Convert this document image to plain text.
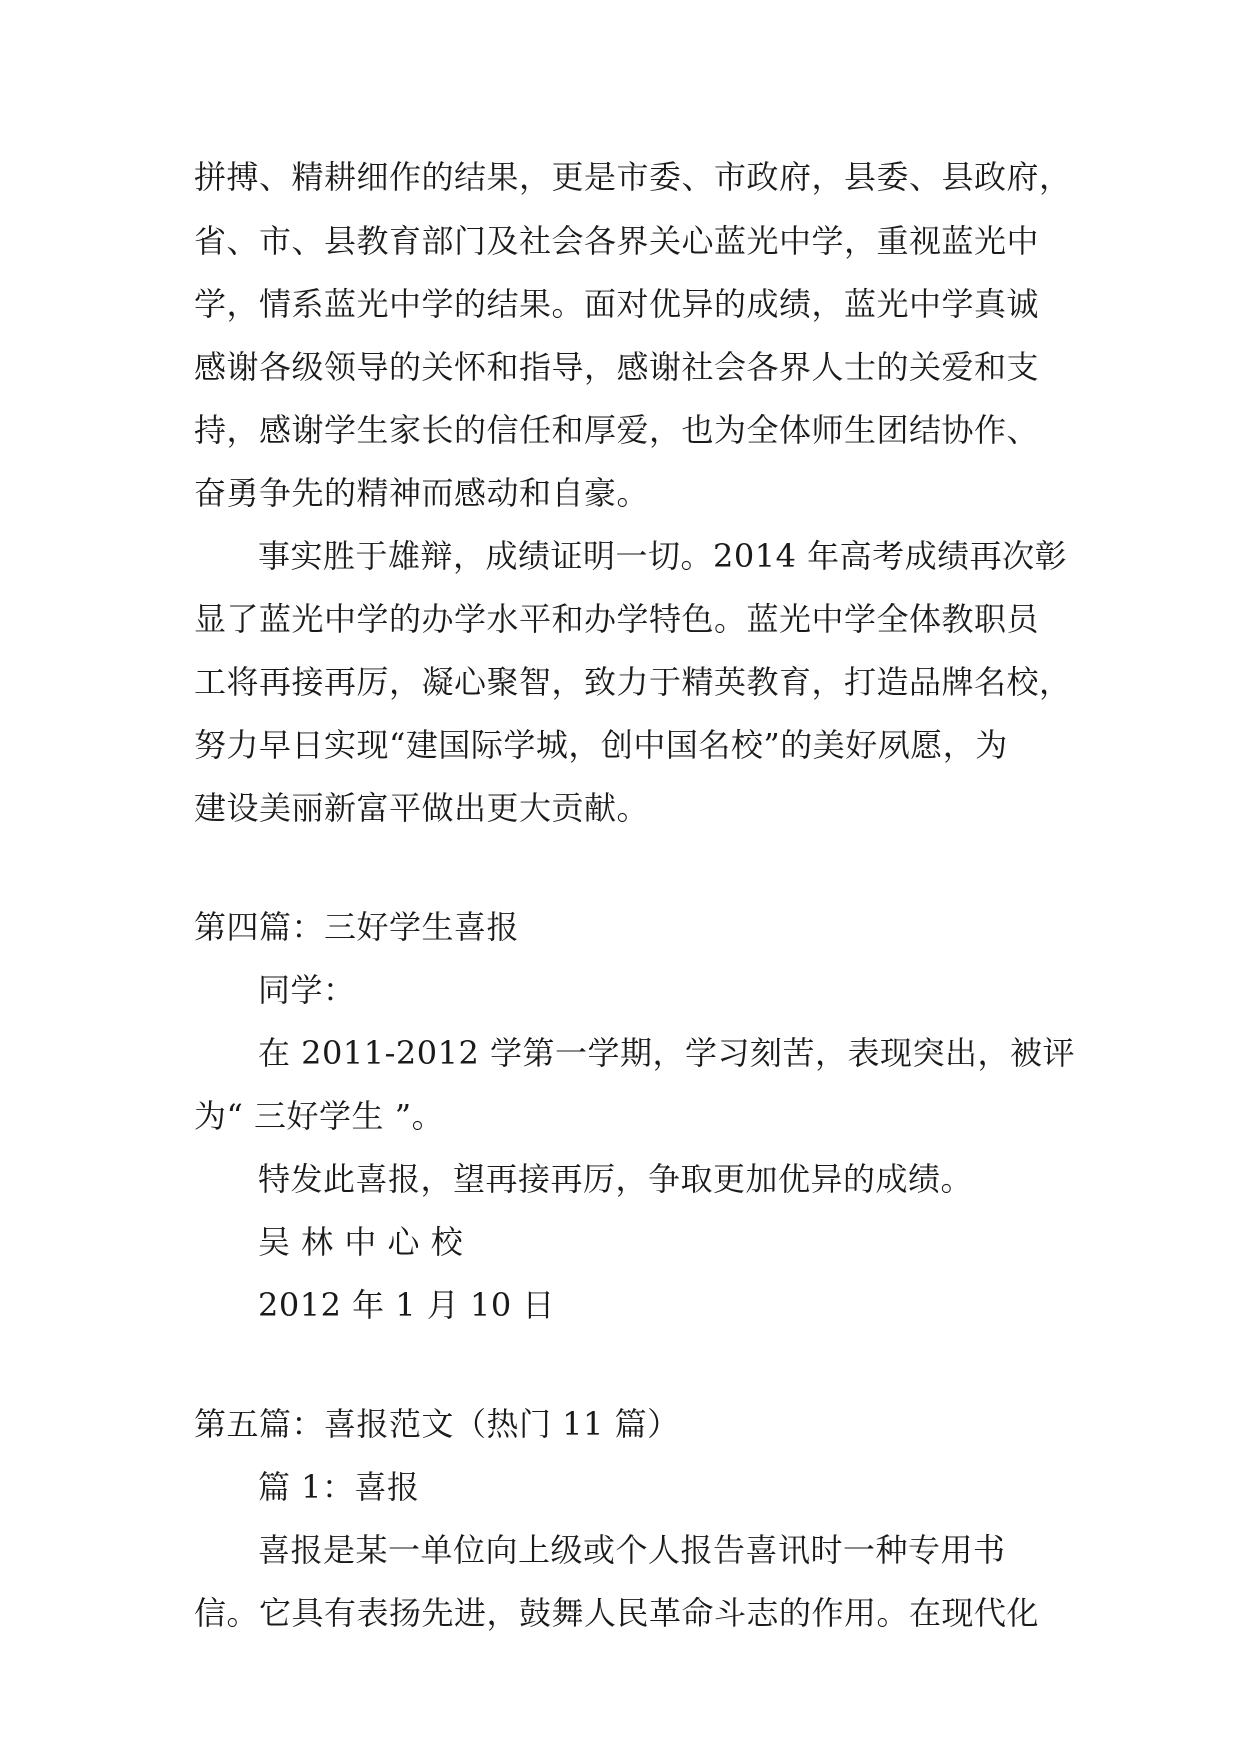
拼搏、精耕细作的结果，更是市委、市政府，县委、县政府，
省、市、县教育部门及社会各界关心蓝光中学，重视蓝光中
学，情系蓝光中学的结果。面对优异的成绩，蓝光中学真诚
感谢各级领导的关怀和指导，感谢社会各界人士的关爱和支
持，感谢学生家长的信任和厚爱，也为全体师生团结协作、
奋勇争先的精神而感动和自豪。
事实胜于雄辩，成绩证明一切。2014 年高考成绩再次彰
显了蓝光中学的办学水平和办学特色。蓝光中学全体教职员
工将再接再厉，凝心聚智，致力于精英教育，打造品牌名校，
努力早日实现“建国际学城，创中国名校”的美好夙愿，为
建设美丽新富平做出更大贡献。
第四篇：三好学生喜报
同学：
在 2011-2012 学第一学期，学习刻苦，表现突出，被评
为“ 三好学生 ”。
特发此喜报，望再接再厉，争取更加优异的成绩。
吴 林 中 心 校
2012 年 1 月 10 日
第五篇：喜报范文（热门 11 篇）
篇 1：喜报
喜报是某一单位向上级或个人报告喜讯时一种专用书
信。它具有表扬先进，鼓舞人民革命斗志的作用。在现代化
